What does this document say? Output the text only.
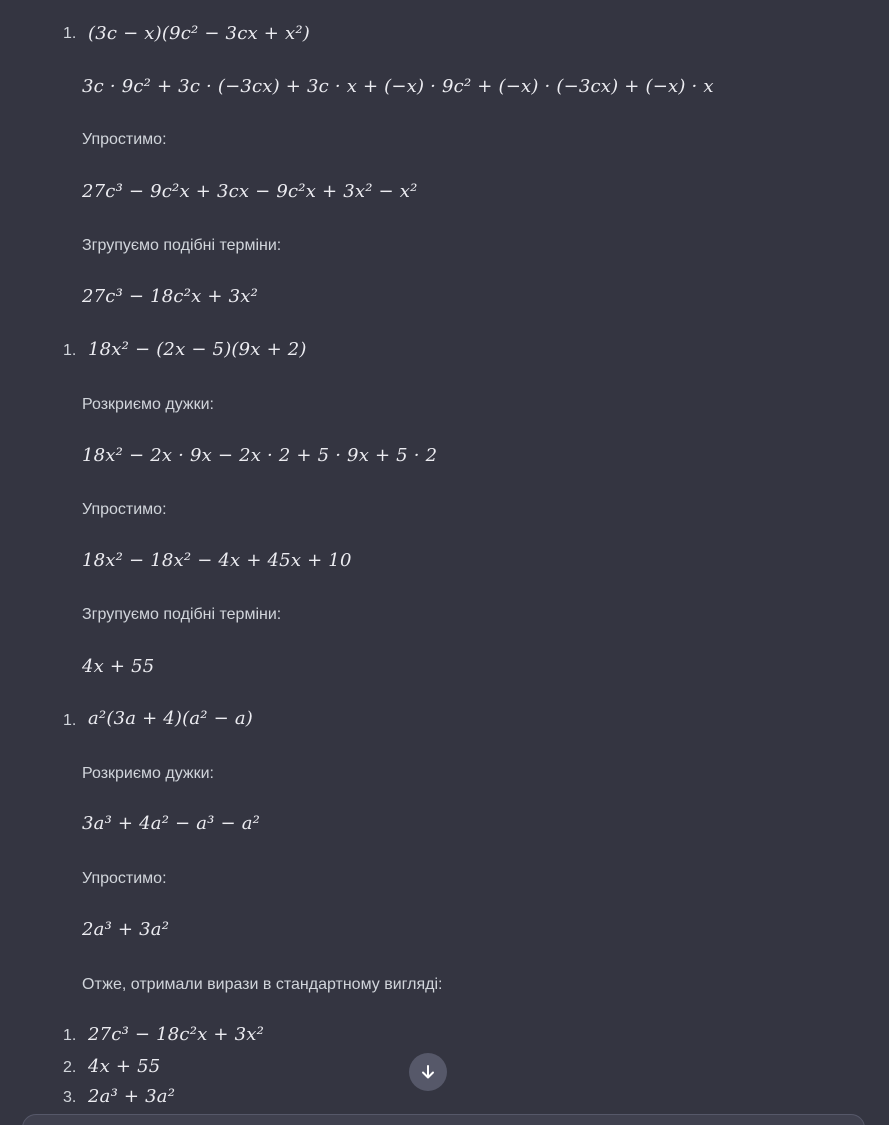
1. (3c − x)(9c² − 3cx + x²)
3c · 9c² + 3c · (−3cx) + 3c · x + (−x) · 9c² + (−x) · (−3cx) + (−x) · x
Упростимо:
27c³ − 9c²x + 3cx − 9c²x + 3x² − x²
Згрупуємо подібні терміни:
27c³ − 18c²x + 3x²
1. 18x² − (2x − 5)(9x + 2)
Розкриємо дужки:
18x² − 2x · 9x − 2x · 2 + 5 · 9x + 5 · 2
Упростимо:
18x² − 18x² − 4x + 45x + 10
Згрупуємо подібні терміни:
4x + 55
1. a²(3a + 4)(a² − a)
Розкриємо дужки:
3a³ + 4a² − a³ − a²
Упростимо:
2a³ + 3a²
Отже, отримали вирази в стандартному вигляді:
1. 27c³ − 18c²x + 3x²
2. 4x + 55
3. 2a³ + 3a²
